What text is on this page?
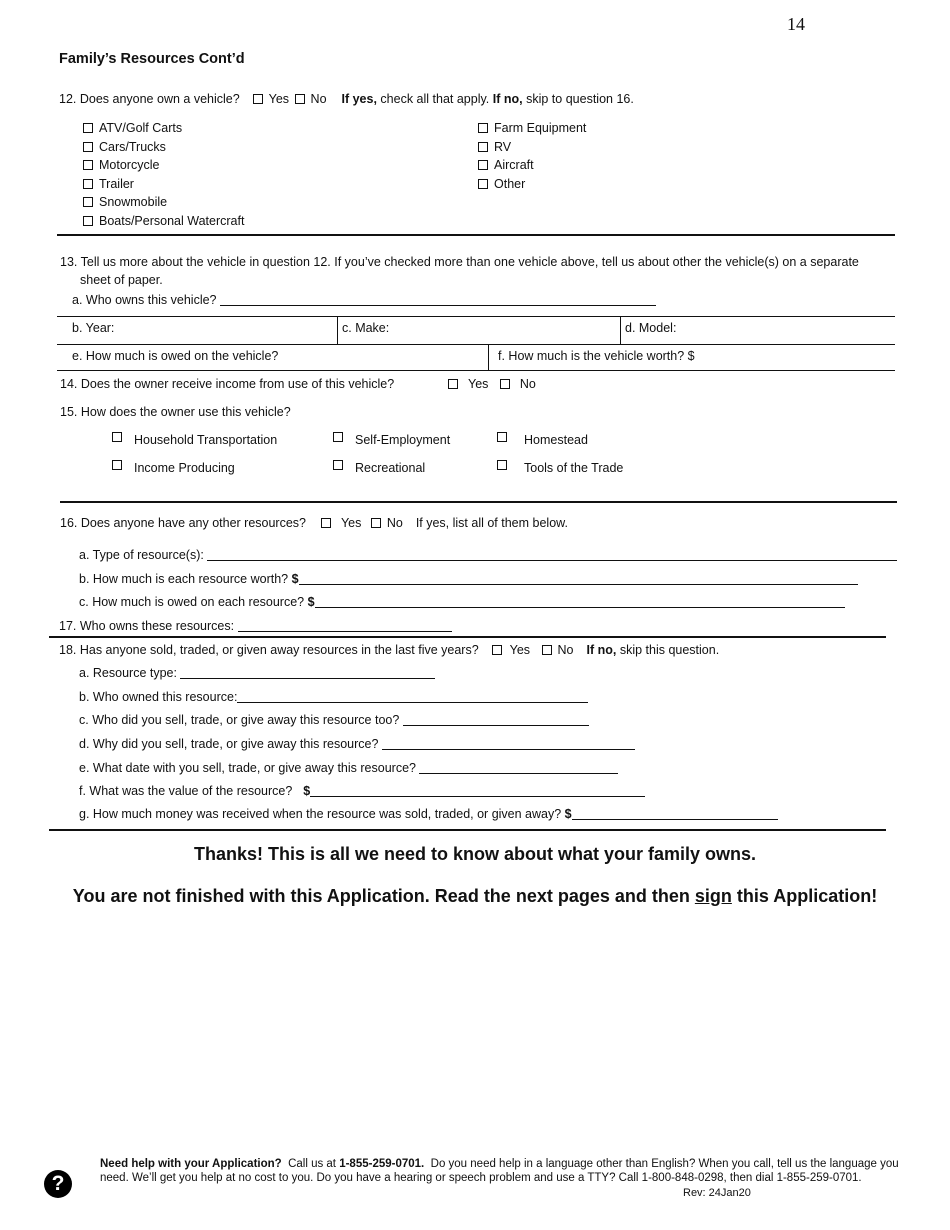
14
Family’s Resources Cont’d
12. Does anyone own a vehicle? Yes No If yes, check all that apply. If no, skip to question 16.
ATV/Golf Carts
Cars/Trucks
Motorcycle
Trailer
Snowmobile
Boats/Personal Watercraft
Farm Equipment
RV
Aircraft
Other
13. Tell us more about the vehicle in question 12. If you’ve checked more than one vehicle above, tell us about other the vehicle(s) on a separate
sheet of paper.
a. Who owns this vehicle?
b. Year:	c. Make:	d. Model:
e. How much is owed on the vehicle?	f. How much is the vehicle worth? $
14. Does the owner receive income from use of this vehicle?	Yes	No
15. How does the owner use this vehicle?
Household Transportation	Self-Employment	Homestead
Income Producing	Recreational	Tools of the Trade
16. Does anyone have any other resources?	Yes No If yes, list all of them below.
a. Type of resource(s):
b. How much is each resource worth? $
c. How much is owed on each resource? $
17. Who owns these resources:
18. Has anyone sold, traded, or given away resources in the last five years? Yes No If no, skip this question.
a. Resource type:
b. Who owned this resource:
c. Who did you sell, trade, or give away this resource too?
d. Why did you sell, trade, or give away this resource?
e. What date with you sell, trade, or give away this resource?
f. What was the value of the resource? $
g. How much money was received when the resource was sold, traded, or given away? $
Thanks! This is all we need to know about what your family owns.
You are not finished with this Application. Read the next pages and then sign this Application!
?
Need help with your Application? Call us at 1-855-259-0701. Do you need help in a language other than English? When you call, tell us the language you need. We’ll get you help at no cost to you. Do you have a hearing or speech problem and use a TTY? Call 1-800-848-0298, then dial 1-855-259-0701.
Rev: 24Jan20
